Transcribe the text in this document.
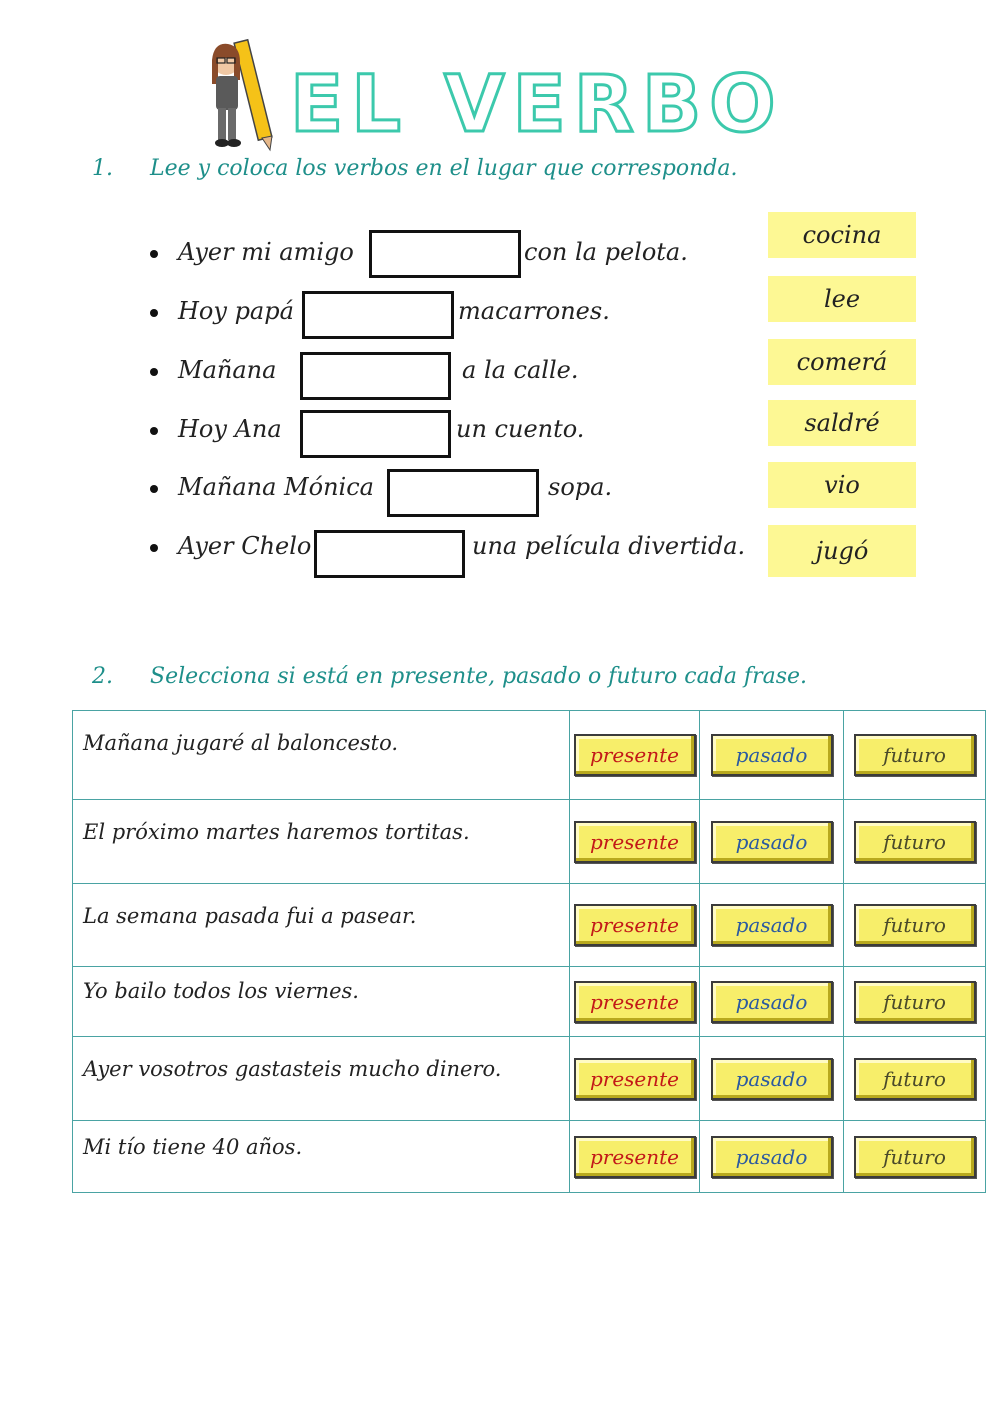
EL VERBO
1. Lee y coloca los verbos en el lugar que corresponda.
Ayer mi amigo	con la pelota.
Hoy papá	macarrones.
Mañana	a la calle.
Hoy Ana	un cuento.
Mañana Mónica	sopa.
Ayer Chelo	una película divertida.
cocina
lee
comerá
saldré
vio
jugó
2. Selecciona si está en presente, pasado o futuro cada frase.
Mañana jugaré al baloncesto.	presente	pasado	futuro
El próximo martes haremos tortitas.	presente	pasado	futuro
La semana pasada fui a pasear.	presente	pasado	futuro
Yo bailo todos los viernes.	presente	pasado	futuro
Ayer vosotros gastasteis mucho dinero.	presente	pasado	futuro
Mi tío tiene 40 años.	presente	pasado	futuro
